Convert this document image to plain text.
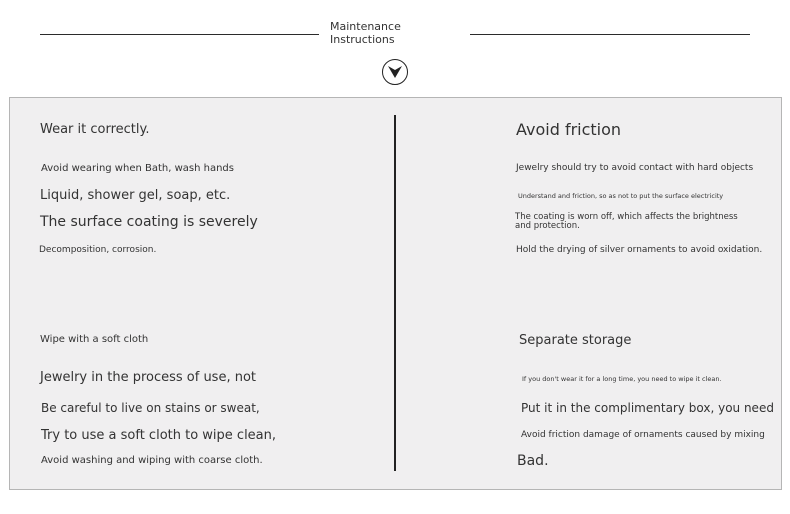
Maintenance
Instructions
Wear it correctly.
Avoid wearing when Bath, wash hands
Liquid, shower gel, soap, etc.
The surface coating is severely
Decomposition, corrosion.
Wipe with a soft cloth
Jewelry in the process of use, not
Be careful to live on stains or sweat,
Try to use a soft cloth to wipe clean,
Avoid washing and wiping with coarse cloth.
Avoid friction
Jewelry should try to avoid contact with hard objects
Understand and friction, so as not to put the surface electricity
The coating is worn off, which affects the brightness and protection.
Hold the drying of silver ornaments to avoid oxidation.
Separate storage
If you don't wear it for a long time, you need to wipe it clean.
Put it in the complimentary box, you need
Avoid friction damage of ornaments caused by mixing
Bad.
